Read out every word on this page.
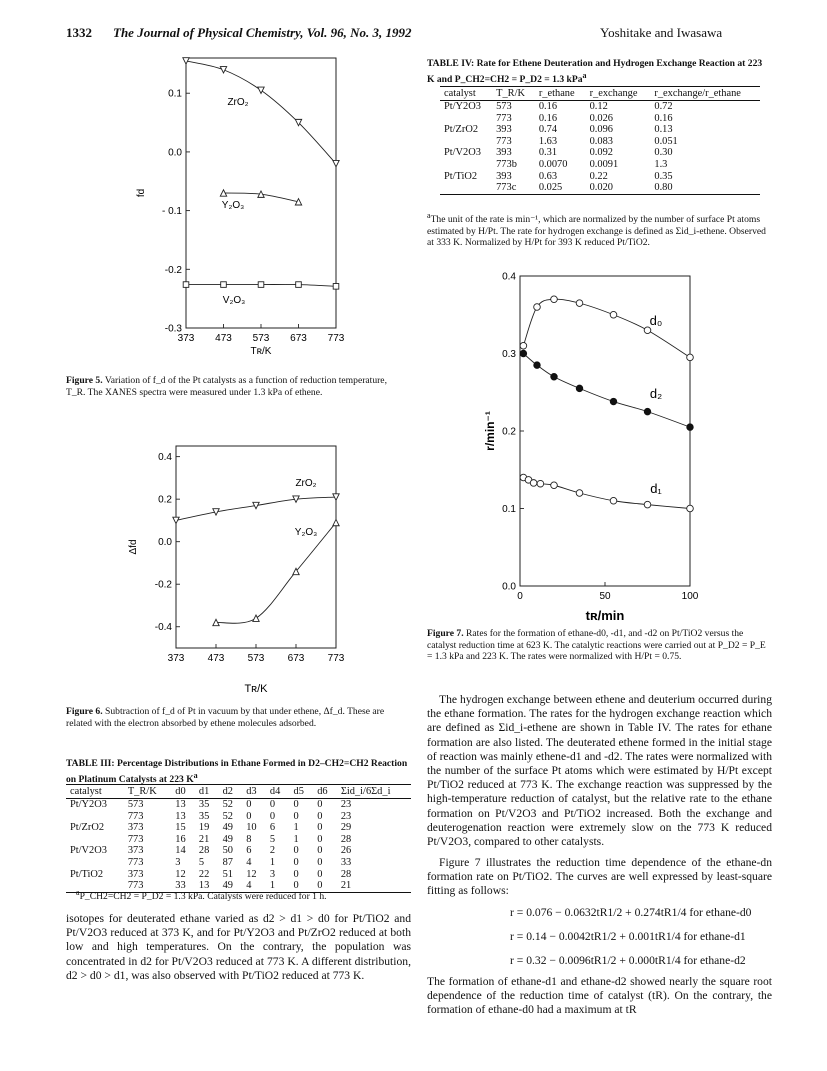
1332 The Journal of Physical Chemistry, Vol. 96, No. 3, 1992	Yoshitake and Iwasawa
373 473 573 673 773
0.1
0.0
- 0.1
-0.2
-0.3
Tʀ/K
fd
ZrO₂
Y₂O₃
V₂O₃
Figure 5. Variation of f_d of the Pt catalysts as a function of reduction temperature, T_R. The XANES spectra were measured under 1.3 kPa of ethene.
373 473 573 673 773
0.4
0.2
0.0
-0.2
-0.4
Tʀ/K
Δfd
ZrO₂
Y₂O₃
Figure 6. Subtraction of f_d of Pt in vacuum by that under ethene, Δf_d. These are related with the electron absorbed by ethene molecules adsorbed.
TABLE III: Percentage Distributions in Ethane Formed in D2–CH2=CH2 Reaction on Platinum Catalysts at 223 $K^a$
catalyst	T_R/K	d0	d1	d2	d3	d4	d5	d6	Σid_i/6Σd_i
Pt/Y2O3	573	13	35	52	0	0	0	0	23
	773	13	35	52	0	0	0	0	23
Pt/ZrO2	373	15	19	49	10	6	1	0	29
	773	16	21	49	8	5	1	0	28
Pt/V2O3	373	14	28	50	6	2	0	0	26
	773	3	5	87	4	1	0	0	33
Pt/TiO2	373	12	22	51	12	3	0	0	28
	773	33	13	49	4	1	0	0	21
$^a$P_CH2=CH2 = P_D2 = 1.3 kPa. Catalysts were reduced for 1 h.
isotopes for deuterated ethane varied as d2 > d1 > d0 for Pt/TiO2 and Pt/V2O3 reduced at 373 K, and for Pt/Y2O3 and Pt/ZrO2 reduced at both low and high temperatures. On the contrary, the population was concentrated in d2 for Pt/V2O3 reduced at 773 K. A different distribution, d2 > d0 > d1, was also observed with Pt/TiO2 reduced at 773 K.
TABLE IV: Rate for Ethene Deuteration and Hydrogen Exchange Reaction at 223 K and P_CH2=CH2 = P_D2 = 1.3 kPa$^a$
catalyst	T_R/K	r_ethane	r_exchange	r_exchange/r_ethane
Pt/Y2O3	573	0.16	0.12	0.72
	773	0.16	0.026	0.16
Pt/ZrO2	393	0.74	0.096	0.13
	773	1.63	0.083	0.051
Pt/V2O3	393	0.31	0.092	0.30
	773b	0.0070	0.0091	1.3
Pt/TiO2	393	0.63	0.22	0.35
	773c	0.025	0.020	0.80
$^a$The unit of the rate is min⁻¹, which are normalized by the number of surface Pt atoms estimated by H/Pt. The rate for hydrogen exchange is defined as Σid_i-ethene. Observed at 333 K. Normalized by H/Pt for 393 K reduced Pt/TiO2.
0	50	100
0.4
0.3
0.2
0.1
0.0
tʀ/min
r/min⁻¹
d₀
d₂
d₁
Figure 7. Rates for the formation of ethane-d0, -d1, and -d2 on Pt/TiO2 versus the catalyst reduction time at 623 K. The catalytic reactions were carried out at P_D2 = P_E = 1.3 kPa and 223 K. The rates were normalized with H/Pt = 0.75.
The hydrogen exchange between ethene and deuterium occurred during the ethane formation. The rates for the hydrogen exchange reaction which are defined as Σid_i-ethene are shown in Table IV. The rates for ethane formation are also listed. The deuterated ethene formed in the initial stage of reaction was mainly ethene-d1 and -d2. The rates were normalized with the number of the surface Pt atoms which were estimated by H/Pt except Pt/TiO2 reduced at 773 K. The exchange reaction was suppressed by the high-temperature reduction of catalyst, but the relative rate to the ethane formation on Pt/V2O3 and Pt/TiO2 increased. Both the exchange and deuterogenation reaction were extremely slow on the 773 K reduced Pt/V2O3, compared to other catalysts.
Figure 7 illustrates the reduction time dependence of the ethane-dn formation rate on Pt/TiO2. The curves are well expressed by least-square fitting as follows:
r = 0.076 − 0.0632tR1/2 + 0.274tR1/4 for ethane-d0
r = 0.14 − 0.0042tR1/2 + 0.001tR1/4 for ethane-d1
r = 0.32 − 0.0096tR1/2 + 0.000tR1/4 for ethane-d2
The formation of ethane-d1 and ethane-d2 showed nearly the square root dependence of the reduction time of catalyst (tR). On the contrary, the formation of ethane-d0 had a maximum at tR
